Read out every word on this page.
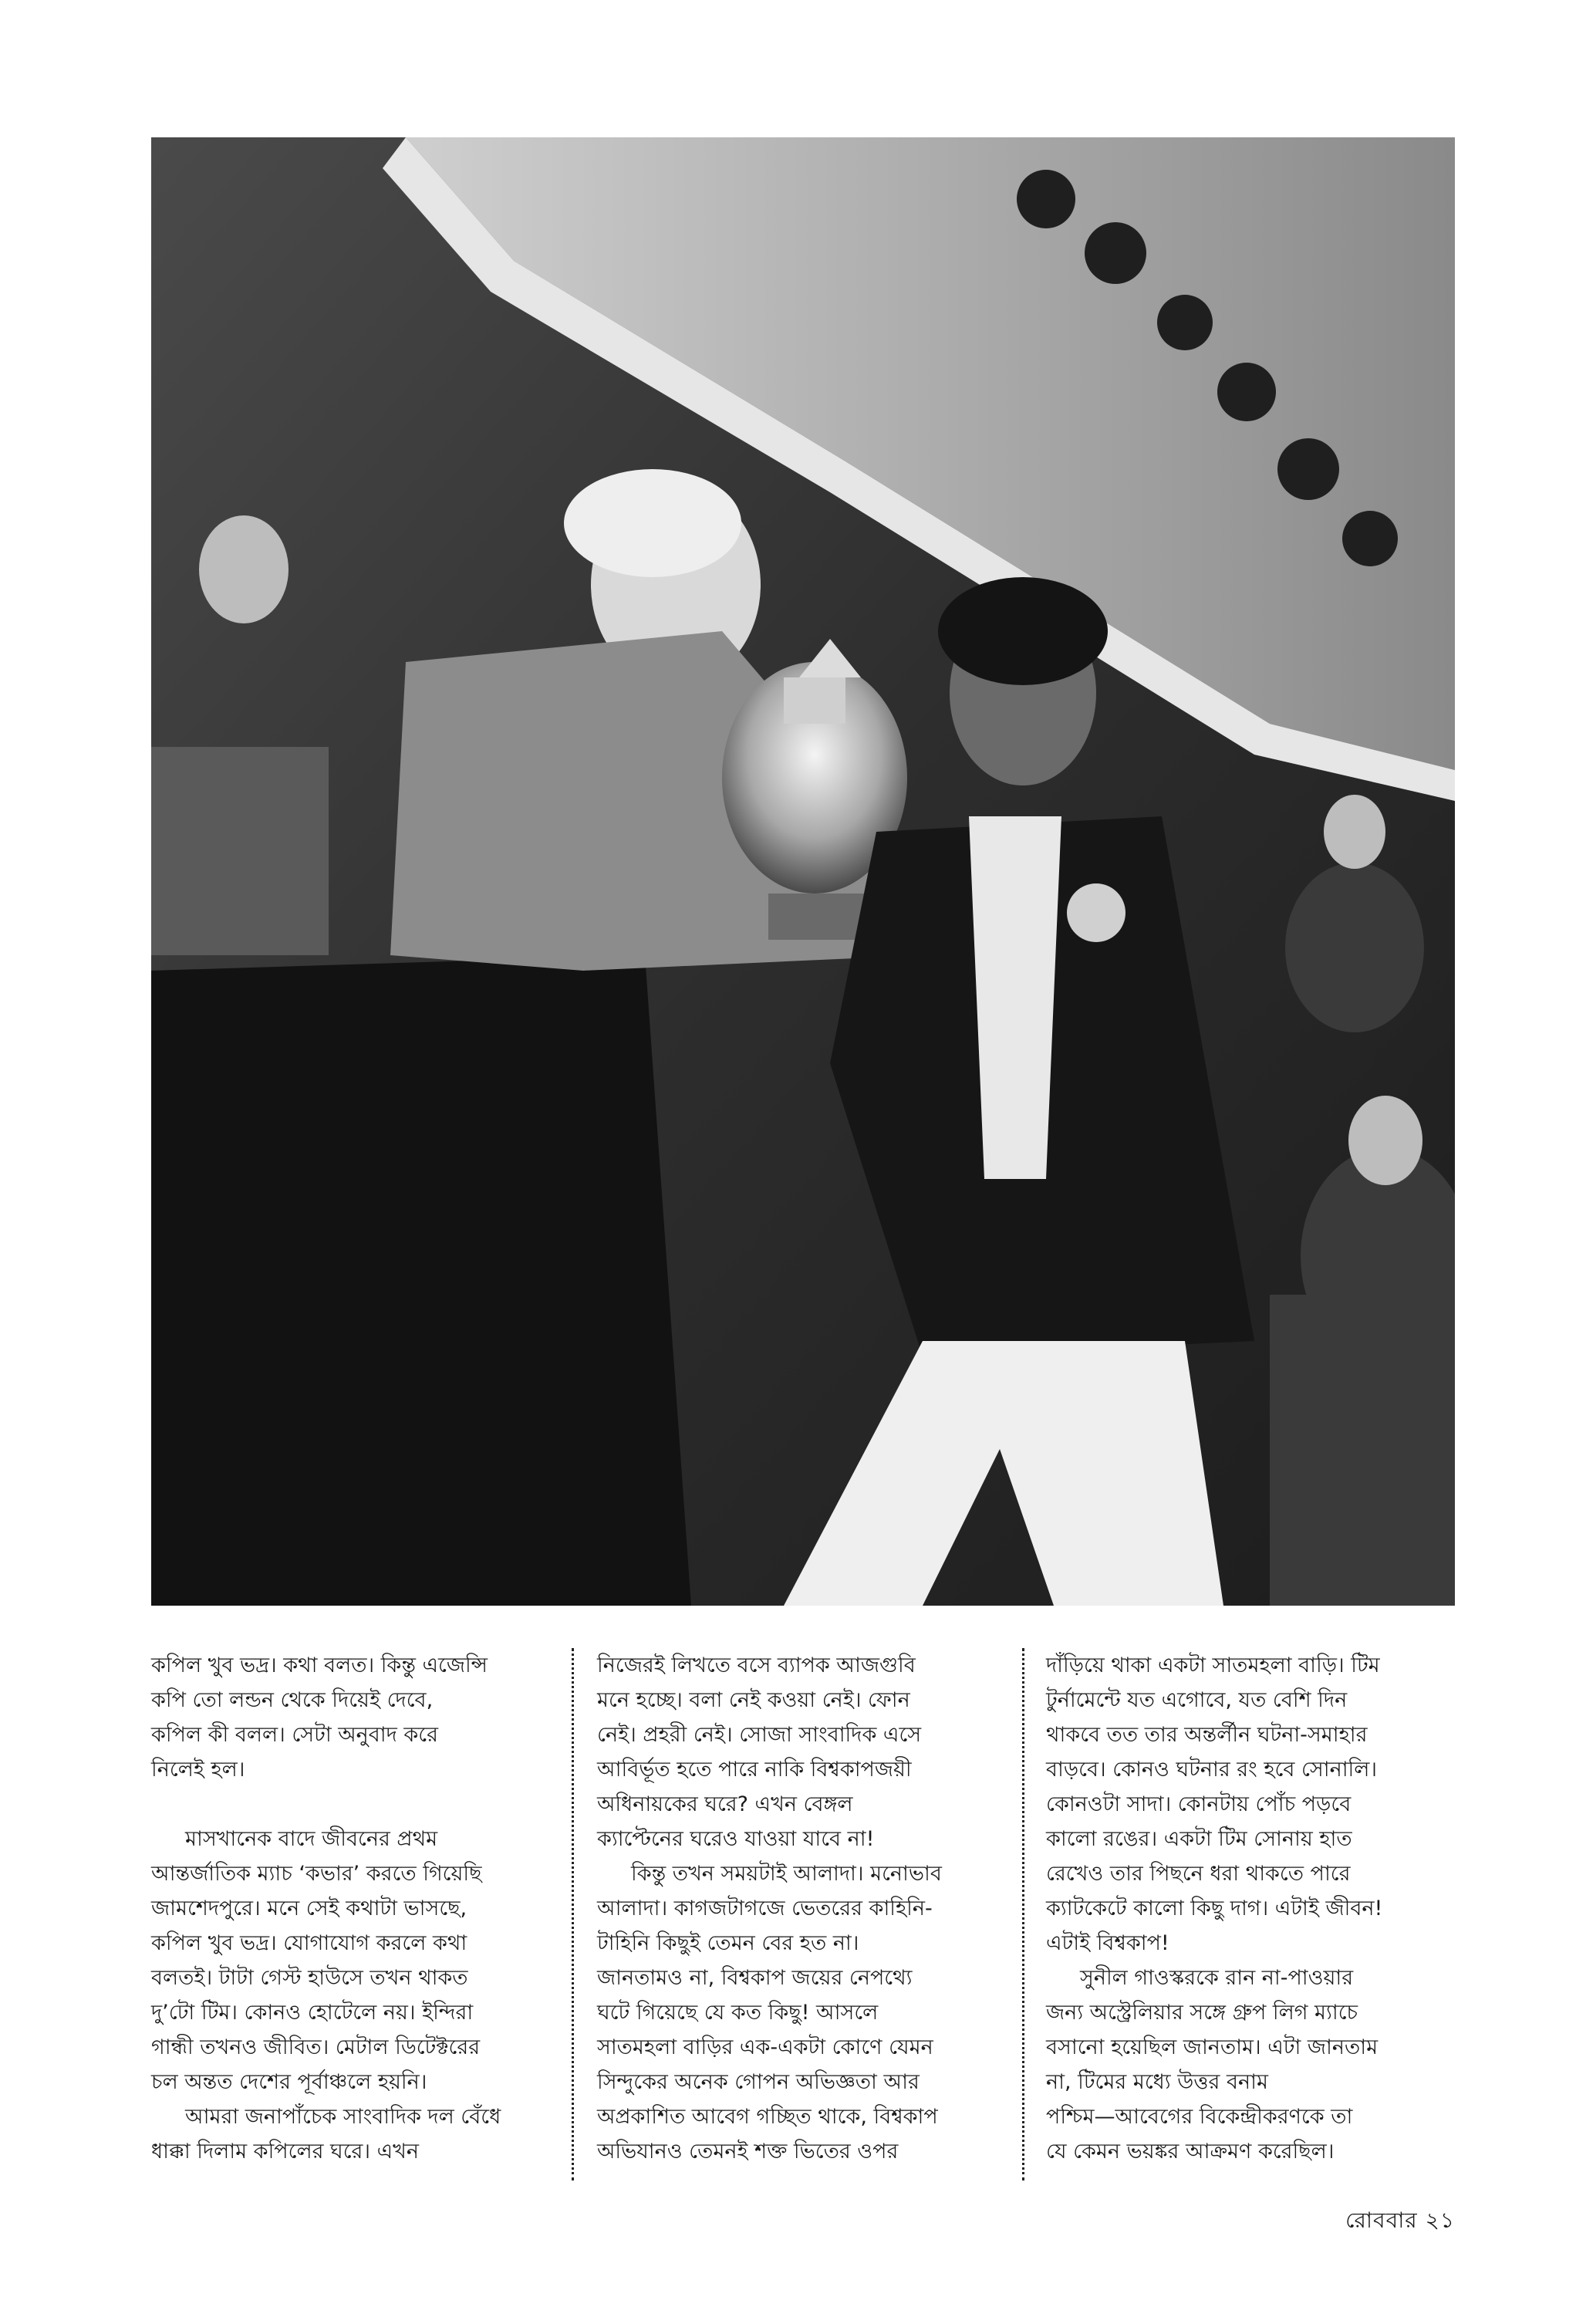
কপিল খুব ভদ্র। কথা বলত। কিন্তু এজেন্সি
কপি তো লন্ডন থেকে দিয়েই দেবে,
কপিল কী বলল। সেটা অনুবাদ করে
নিলেই হল।

মাসখানেক বাদে জীবনের প্রথম
আন্তর্জাতিক ম্যাচ ‘কভার’ করতে গিয়েছি
জামশেদপুরে। মনে সেই কথাটা ভাসছে,
কপিল খুব ভদ্র। যোগাযোগ করলে কথা
বলতই। টাটা গেস্ট হাউসে তখন থাকত
দু’টো টিম। কোনও হোটেলে নয়। ইন্দিরা
গান্ধী তখনও জীবিত। মেটাল ডিটেক্টরের
চল অন্তত দেশের পূর্বাঞ্চলে হয়নি।

আমরা জনাপাঁচেক সাংবাদিক দল বেঁধে
ধাক্কা দিলাম কপিলের ঘরে। এখন

নিজেরই লিখতে বসে ব্যাপক আজগুবি
মনে হচ্ছে। বলা নেই কওয়া নেই। ফোন
নেই। প্রহরী নেই। সোজা সাংবাদিক এসে
আবির্ভূত হতে পারে নাকি বিশ্বকাপজয়ী
অধিনায়কের ঘরে? এখন বেঙ্গল
ক্যাপ্টেনের ঘরেও যাওয়া যাবে না!

কিন্তু তখন সময়টাই আলাদা। মনোভাব
আলাদা। কাগজটাগজে ভেতরের কাহিনি-
টাহিনি কিছুই তেমন বের হত না।
জানতামও না, বিশ্বকাপ জয়ের নেপথ্যে
ঘটে গিয়েছে যে কত কিছু! আসলে
সাতমহলা বাড়ির এক-একটা কোণে যেমন
সিন্দুকের অনেক গোপন অভিজ্ঞতা আর
অপ্রকাশিত আবেগ গচ্ছিত থাকে, বিশ্বকাপ
অভিযানও তেমনই শক্ত ভিতের ওপর

দাঁড়িয়ে থাকা একটা সাতমহলা বাড়ি। টিম
টুর্নামেন্টে যত এগোবে, যত বেশি দিন
থাকবে তত তার অন্তর্লীন ঘটনা-সমাহার
বাড়বে। কোনও ঘটনার রং হবে সোনালি।
কোনওটা সাদা। কোনটায় পোঁচ পড়বে
কালো রঙের। একটা টিম সোনায় হাত
রেখেও তার পিছনে ধরা থাকতে পারে
ক্যাটকেটে কালো কিছু দাগ। এটাই জীবন!
এটাই বিশ্বকাপ!

সুনীল গাওস্করকে রান না-পাওয়ার
জন্য অস্ট্রেলিয়ার সঙ্গে গ্রুপ লিগ ম্যাচে
বসানো হয়েছিল জানতাম। এটা জানতাম
না, টিমের মধ্যে উত্তর বনাম
পশ্চিম—আবেগের বিকেন্দ্রীকরণকে তা
যে কেমন ভয়ঙ্কর আক্রমণ করেছিল।

রোববার ২১
